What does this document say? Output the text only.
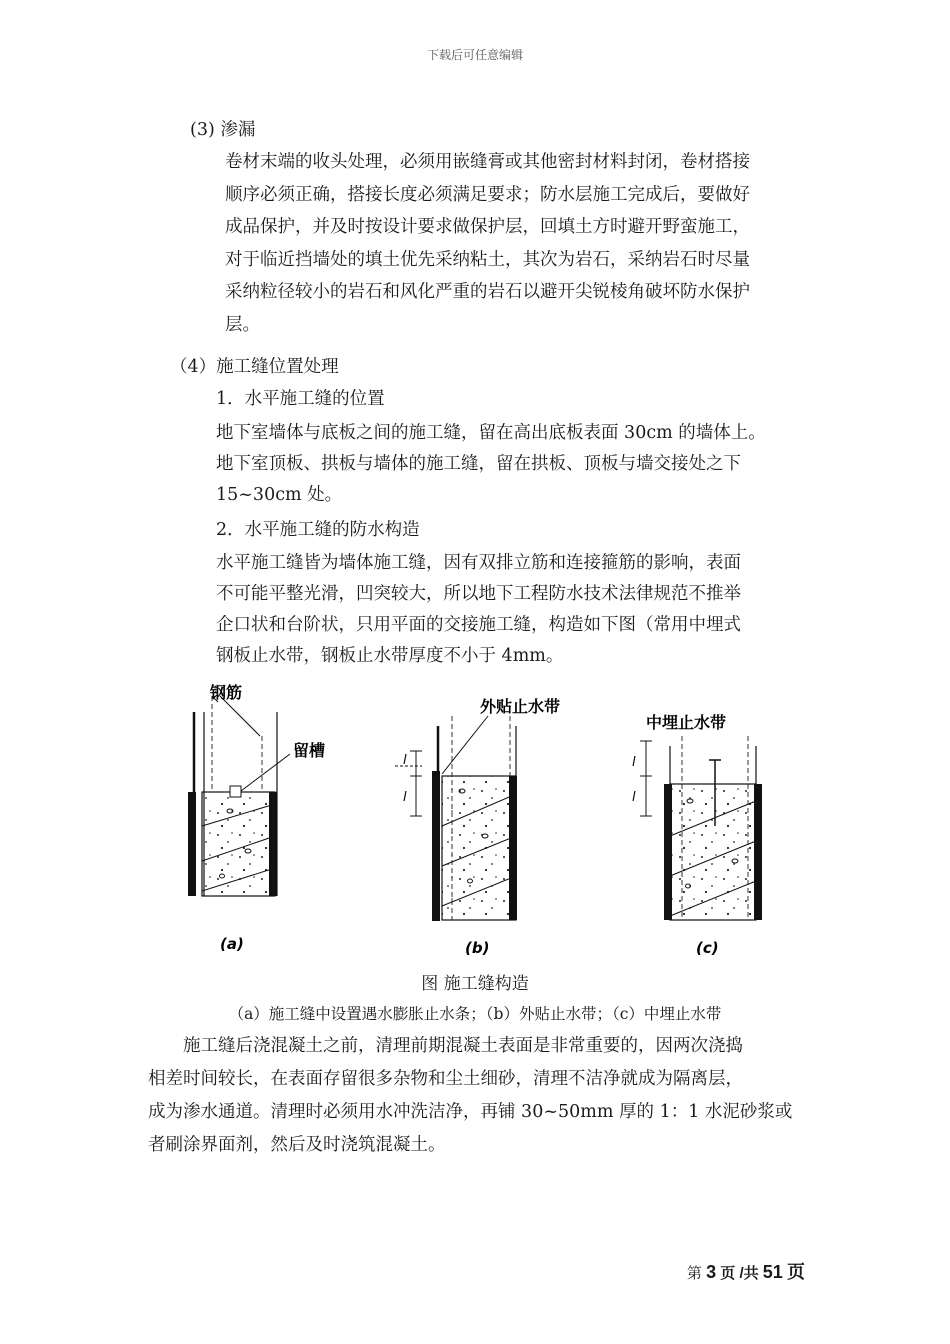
下载后可任意编辑
(3) 渗漏
卷材末端的收头处理，必须用嵌缝膏或其他密封材料封闭，卷材搭接
顺序必须正确，搭接长度必须满足要求；防水层施工完成后，要做好
成品保护，并及时按设计要求做保护层，回填土方时避开野蛮施工，
对于临近挡墙处的填土优先采纳粘土，其次为岩石，采纳岩石时尽量
采纳粒径较小的岩石和风化严重的岩石以避开尖锐棱角破坏防水保护
层。
（4）施工缝位置处理
1．水平施工缝的位置
地下室墙体与底板之间的施工缝，留在高出底板表面 30cm 的墙体上。
地下室顶板、拱板与墙体的施工缝，留在拱板、顶板与墙交接处之下
15~30cm 处。
2．水平施工缝的防水构造
水平施工缝皆为墙体施工缝，因有双排立筋和连接箍筋的影响，表面
不可能平整光滑，凹突较大，所以地下工程防水技术法律规范不推举
企口状和台阶状，只用平面的交接施工缝，构造如下图（常用中埋式
钢板止水带，钢板止水带厚度不小于 4mm。
钢筋
留槽
(a)
l
l
外贴止水带
(b)
l
l
中埋止水带
(c)
图 施工缝构造
（a）施工缝中设置遇水膨胀止水条；（b）外贴止水带；（c）中埋止水带
施工缝后浇混凝土之前，清理前期混凝土表面是非常重要的，因两次浇捣
相差时间较长，在表面存留很多杂物和尘土细砂，清理不洁净就成为隔离层，
成为渗水通道。清理时必须用水冲洗洁净，再铺 30~50mm 厚的 1：1 水泥砂浆或
者刷涂界面剂，然后及时浇筑混凝土。
第 3 页 /共 51 页
